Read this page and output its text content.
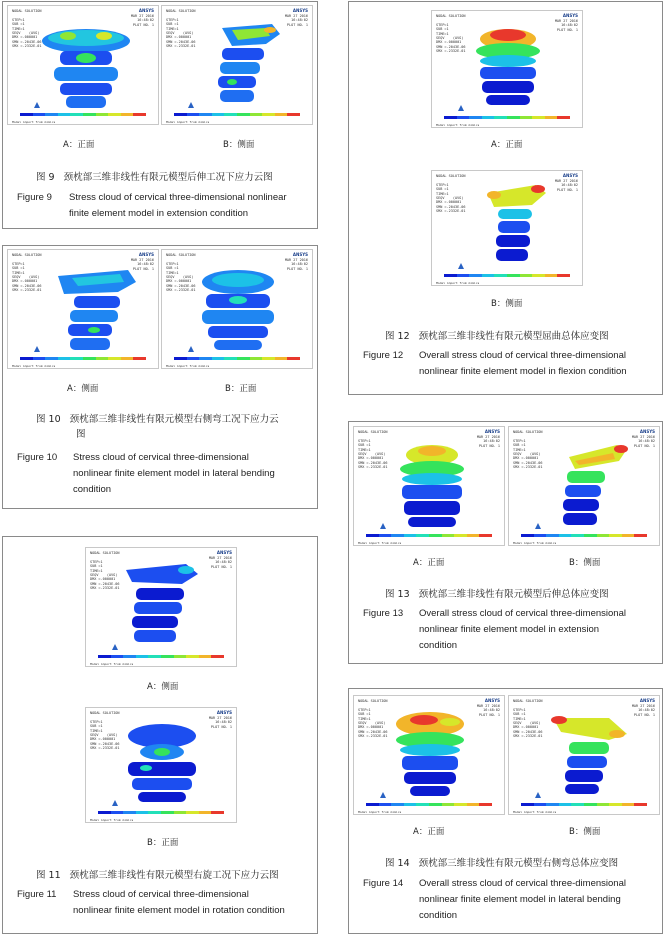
NODAL SOLUTION

STEP=1
SUB =1
TIME=1
SEQV    (AVG)
DMX =.000001
SMN =.2043E-06
SMX =.2332E-01
MAR 27 2016
16:48:02
PLOT NO. 1
ANSYS
Model import from mimics
NODAL SOLUTION

STEP=1
SUB =1
TIME=1
SEQV    (AVG)
DMX =.000001
SMN =.2043E-06
SMX =.2332E-01
MAR 27 2016
16:48:02
PLOT NO. 1
ANSYS
Model import from mimics
A：正面	B：侧面
图 9 颈枕部三维非线性有限元模型后伸工况下应力云图
Figure 9 Stress cloud of cervical three-dimensional nonlinear
finite element model in extension condition
NODAL SOLUTION

STEP=1
SUB =1
TIME=1
SEQV    (AVG)
DMX =.000001
SMN =.2043E-06
SMX =.2332E-01
MAR 27 2016
16:48:02
PLOT NO. 1
ANSYS
Model import from mimics
NODAL SOLUTION

STEP=1
SUB =1
TIME=1
SEQV    (AVG)
DMX =.000001
SMN =.2043E-06
SMX =.2332E-01
MAR 27 2016
16:48:02
PLOT NO. 1
ANSYS
Model import from mimics
A：侧面	B：正面
图 10 颈枕部三维非线性有限元模型右侧弯工况下应力云
图
Figure 10 Stress cloud of cervical three-dimensional
nonlinear finite element model in lateral bending
condition
NODAL SOLUTION

STEP=1
SUB =1
TIME=1
SEQV    (AVG)
DMX =.000001
SMN =.2043E-06
SMX =.2332E-01
MAR 27 2016
16:48:02
PLOT NO. 1
ANSYS
Model import from mimics
A：侧面
NODAL SOLUTION

STEP=1
SUB =1
TIME=1
SEQV    (AVG)
DMX =.000001
SMN =.2043E-06
SMX =.2332E-01
MAR 27 2016
16:48:02
PLOT NO. 1
ANSYS
Model import from mimics
B：正面
图 11 颈枕部三维非线性有限元模型右旋工况下应力云图
Figure 11 Stress cloud of cervical three-dimensional
nonlinear finite element model in rotation condition
NODAL SOLUTION

STEP=1
SUB =1
TIME=1
SEQV    (AVG)
DMX =.000001
SMN =.2043E-06
SMX =.2332E-01
MAR 27 2016
16:48:02
PLOT NO. 1
ANSYS
Model import from mimics
A：正面
NODAL SOLUTION

STEP=1
SUB =1
TIME=1
SEQV    (AVG)
DMX =.000001
SMN =.2043E-06
SMX =.2332E-01
MAR 27 2016
16:48:02
PLOT NO. 1
ANSYS
Model import from mimics
B：侧面
图 12 颈枕部三维非线性有限元模型屈曲总体应变图
Figure 12 Overall stress cloud of cervical three-dimensional
nonlinear finite element model in flexion condition
NODAL SOLUTION

STEP=1
SUB =1
TIME=1
SEQV    (AVG)
DMX =.000001
SMN =.2043E-06
SMX =.2332E-01
MAR 27 2016
16:48:02
PLOT NO. 1
ANSYS
Model import from mimics
NODAL SOLUTION

STEP=1
SUB =1
TIME=1
SEQV    (AVG)
DMX =.000001
SMN =.2043E-06
SMX =.2332E-01
MAR 27 2016
16:48:02
PLOT NO. 1
ANSYS
Model import from mimics
A：正面	B：侧面
图 13 颈枕部三维非线性有限元模型后伸总体应变图
Figure 13 Overall stress cloud of cervical three-dimensional
nonlinear finite element model in extension
condition
NODAL SOLUTION

STEP=1
SUB =1
TIME=1
SEQV    (AVG)
DMX =.000001
SMN =.2043E-06
SMX =.2332E-01
MAR 27 2016
16:48:02
PLOT NO. 1
ANSYS
Model import from mimics
NODAL SOLUTION

STEP=1
SUB =1
TIME=1
SEQV    (AVG)
DMX =.000001
SMN =.2043E-06
SMX =.2332E-01
MAR 27 2016
16:48:02
PLOT NO. 1
ANSYS
Model import from mimics
A：正面	B：侧面
图 14 颈枕部三维非线性有限元模型右侧弯总体应变图
Figure 14 Overall stress cloud of cervical three-dimensional
nonlinear finite element model in lateral bending
condition
